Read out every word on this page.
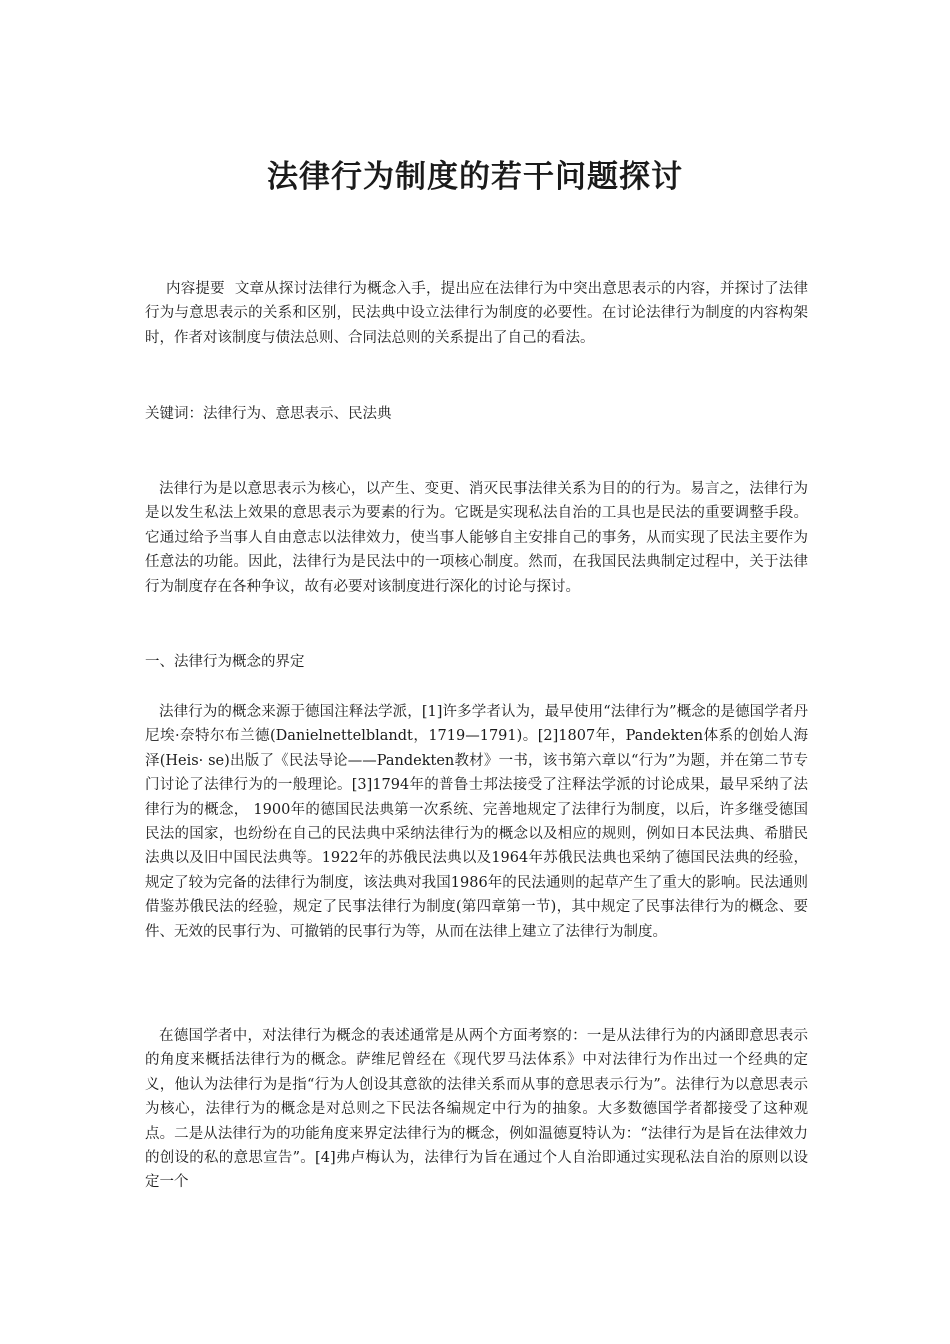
法律行为制度的若干问题探讨

内容提要 文章从探讨法律行为概念入手，提出应在法律行为中突出意思表示的内容，并探讨了法律行为与意思表示的关系和区别，民法典中设立法律行为制度的必要性。在讨论法律行为制度的内容构架时，作者对该制度与债法总则、合同法总则的关系提出了自己的看法。

关键词：法律行为、意思表示、民法典

法律行为是以意思表示为核心，以产生、变更、消灭民事法律关系为目的的行为。易言之，法律行为是以发生私法上效果的意思表示为要素的行为。它既是实现私法自治的工具也是民法的重要调整手段。它通过给予当事人自由意志以法律效力，使当事人能够自主安排自己的事务，从而实现了民法主要作为任意法的功能。因此，法律行为是民法中的一项核心制度。然而，在我国民法典制定过程中，关于法律行为制度存在各种争议，故有必要对该制度进行深化的讨论与探讨。

一、法律行为概念的界定

法律行为的概念来源于德国注释法学派，[1]许多学者认为，最早使用“法律行为”概念的是德国学者丹尼埃·奈特尔布兰德(Danielnettelblandt，1719—1791)。[2]1807年，Pandekten体系的创始人海泽(Heis· se)出版了《民法导论——Pandekten教材》一书，该书第六章以“行为”为题，并在第二节专门讨论了法律行为的一般理论。[3]1794年的普鲁士邦法接受了注释法学派的讨论成果，最早采纳了法律行为的概念， 1900年的德国民法典第一次系统、完善地规定了法律行为制度，以后，许多继受德国民法的国家，也纷纷在自己的民法典中采纳法律行为的概念以及相应的规则，例如日本民法典、希腊民法典以及旧中国民法典等。1922年的苏俄民法典以及1964年苏俄民法典也采纳了德国民法典的经验，规定了较为完备的法律行为制度，该法典对我国1986年的民法通则的起草产生了重大的影响。民法通则借鉴苏俄民法的经验，规定了民事法律行为制度(第四章第一节)，其中规定了民事法律行为的概念、要件、无效的民事行为、可撤销的民事行为等，从而在法律上建立了法律行为制度。

在德国学者中，对法律行为概念的表述通常是从两个方面考察的：一是从法律行为的内涵即意思表示的角度来概括法律行为的概念。萨维尼曾经在《现代罗马法体系》中对法律行为作出过一个经典的定义，他认为法律行为是指“行为人创设其意欲的法律关系而从事的意思表示行为”。法律行为以意思表示为核心，法律行为的概念是对总则之下民法各编规定中行为的抽象。大多数德国学者都接受了这种观点。二是从法律行为的功能角度来界定法律行为的概念，例如温德夏特认为：“法律行为是旨在法律效力的创设的私的意思宣告”。[4]弗卢梅认为，法律行为旨在通过个人自治即通过实现私法自治的原则以设定一个
